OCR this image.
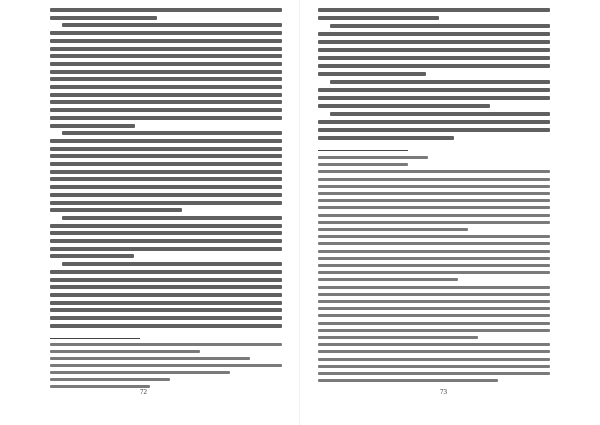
72	73
